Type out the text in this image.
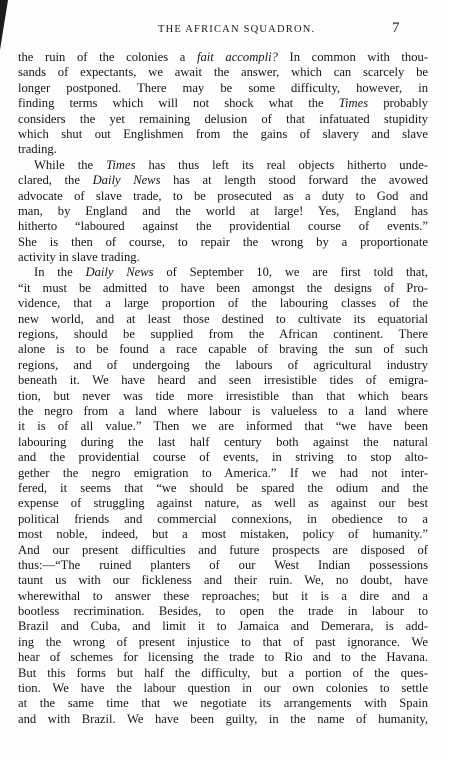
THE AFRICAN SQUADRON.	7
the ruin of the colonies a fait accompli? In common with thou-
sands of expectants, we await the answer, which can scarcely be
longer postponed. There may be some difficulty, however, in
finding terms which will not shock what the Times probably
considers the yet remaining delusion of that infatuated stupidity
which shut out Englishmen from the gains of slavery and slave
trading.
While the Times has thus left its real objects hitherto unde-
clared, the Daily News has at length stood forward the avowed
advocate of slave trade, to be prosecuted as a duty to God and
man, by England and the world at large! Yes, England has
hitherto “laboured against the providential course of events.”
She is then of course, to repair the wrong by a proportionate
activity in slave trading.
In the Daily News of September 10, we are first told that,
“it must be admitted to have been amongst the designs of Pro-
vidence, that a large proportion of the labouring classes of the
new world, and at least those destined to cultivate its equatorial
regions, should be supplied from the African continent. There
alone is to be found a race capable of braving the sun of such
regions, and of undergoing the labours of agricultural industry
beneath it. We have heard and seen irresistible tides of emigra-
tion, but never was tide more irresistible than that which bears
the negro from a land where labour is valueless to a land where
it is of all value.” Then we are informed that “we have been
labouring during the last half century both against the natural
and the providential course of events, in striving to stop alto-
gether the negro emigration to America.” If we had not inter-
fered, it seems that “we should be spared the odium and the
expense of struggling against nature, as well as against our best
political friends and commercial connexions, in obedience to a
most noble, indeed, but a most mistaken, policy of humanity.”
And our present difficulties and future prospects are disposed of
thus:—“The ruined planters of our West Indian possessions
taunt us with our fickleness and their ruin. We, no doubt, have
wherewithal to answer these reproaches; but it is a dire and a
bootless recrimination. Besides, to open the trade in labour to
Brazil and Cuba, and limit it to Jamaica and Demerara, is add-
ing the wrong of present injustice to that of past ignorance. We
hear of schemes for licensing the trade to Rio and to the Havana.
But this forms but half the difficulty, but a portion of the ques-
tion. We have the labour question in our own colonies to settle
at the same time that we negotiate its arrangements with Spain
and with Brazil. We have been guilty, in the name of humanity,
